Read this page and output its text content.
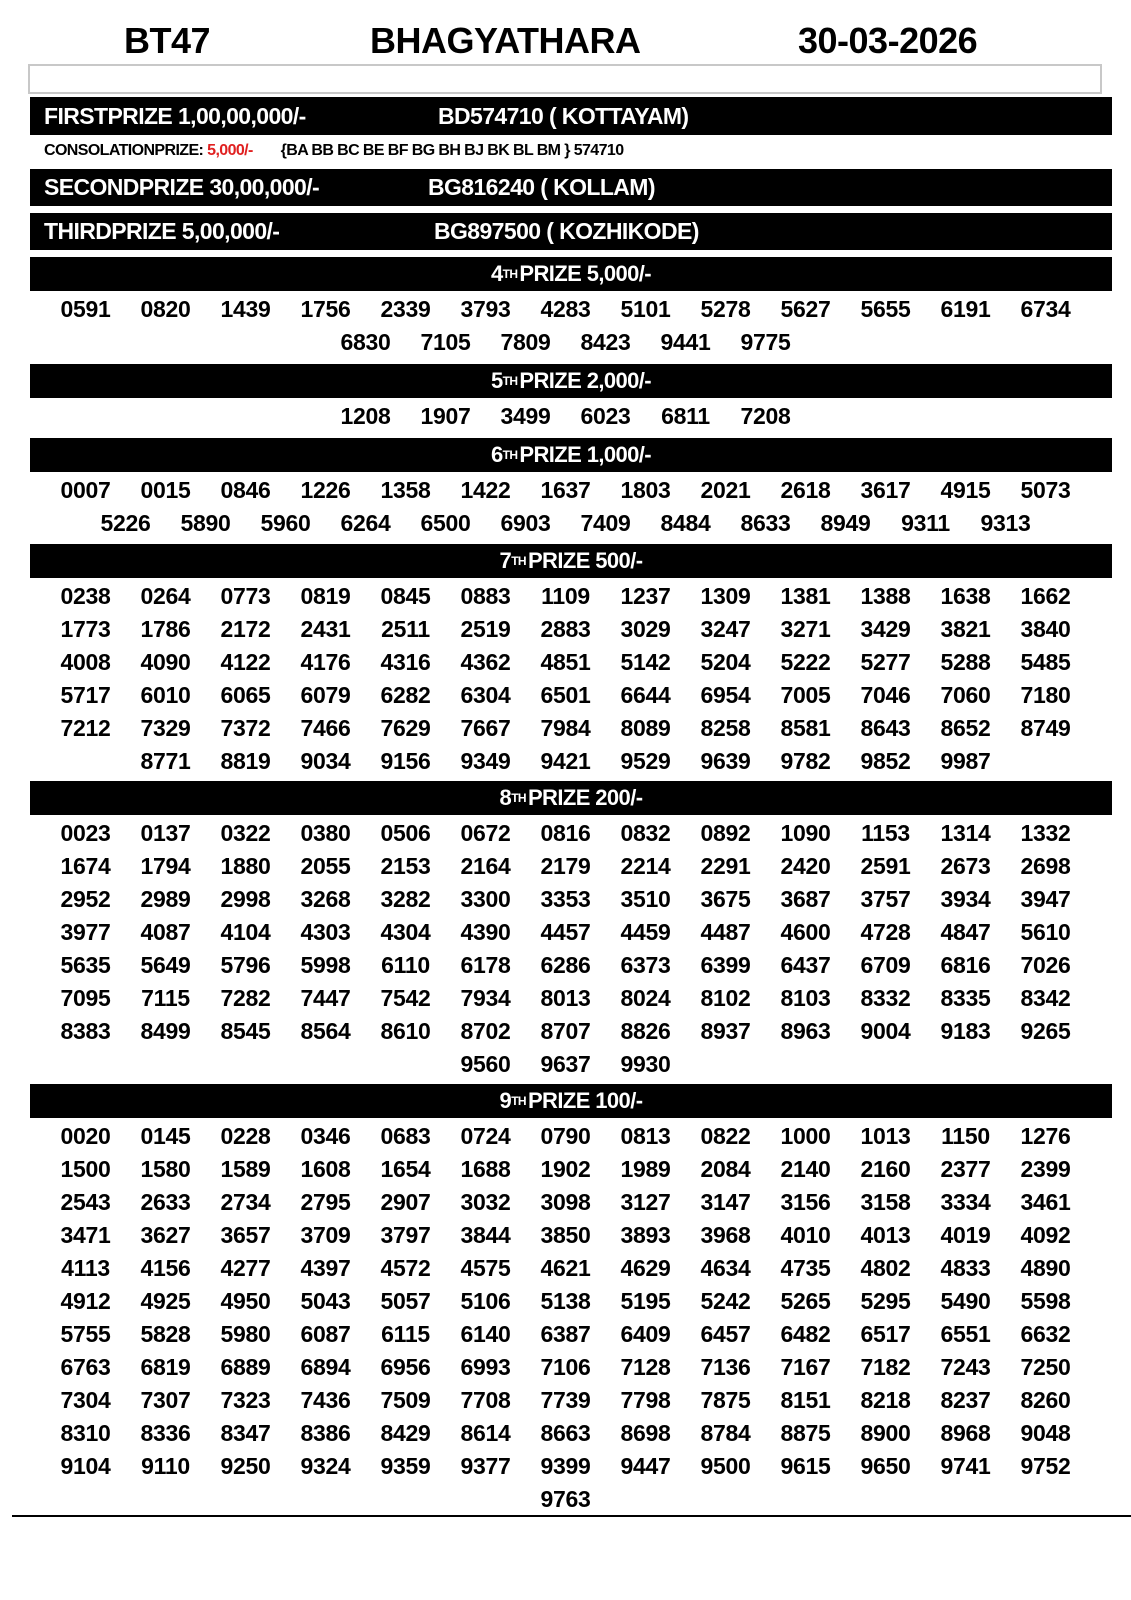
BT47	BHAGYATHARA	30-03-2026
FIRSTPRIZE 1,00,00,000/-	BD574710 ( KOTTAYAM)
CONSOLATIONPRIZE: 5,000/- {BA BB BC BE BF BG BH BJ BK BL BM } 574710
SECONDPRIZE 30,00,000/-	BG816240 ( KOLLAM)
THIRDPRIZE 5,00,000/-	BG897500 ( KOZHIKODE)
4 TH PRIZE 5,000/-
0591	0820	1439	1756	2339	3793	4283	5101	5278	5627	5655	6191	6734
6830	7105	7809	8423	9441	9775
5 TH PRIZE 2,000/-
1208	1907	3499	6023	6811	7208
6 TH PRIZE 1,000/-
0007	0015	0846	1226	1358	1422	1637	1803	2021	2618	3617	4915	5073
5226	5890	5960	6264	6500	6903	7409	8484	8633	8949	9311	9313
7 TH PRIZE 500/-
0238	0264	0773	0819	0845	0883	1109	1237	1309	1381	1388	1638	1662
1773	1786	2172	2431	2511	2519	2883	3029	3247	3271	3429	3821	3840
4008	4090	4122	4176	4316	4362	4851	5142	5204	5222	5277	5288	5485
5717	6010	6065	6079	6282	6304	6501	6644	6954	7005	7046	7060	7180
7212	7329	7372	7466	7629	7667	7984	8089	8258	8581	8643	8652	8749
8771	8819	9034	9156	9349	9421	9529	9639	9782	9852	9987
8 TH PRIZE 200/-
0023	0137	0322	0380	0506	0672	0816	0832	0892	1090	1153	1314	1332
1674	1794	1880	2055	2153	2164	2179	2214	2291	2420	2591	2673	2698
2952	2989	2998	3268	3282	3300	3353	3510	3675	3687	3757	3934	3947
3977	4087	4104	4303	4304	4390	4457	4459	4487	4600	4728	4847	5610
5635	5649	5796	5998	6110	6178	6286	6373	6399	6437	6709	6816	7026
7095	7115	7282	7447	7542	7934	8013	8024	8102	8103	8332	8335	8342
8383	8499	8545	8564	8610	8702	8707	8826	8937	8963	9004	9183	9265
9560	9637	9930
9 TH PRIZE 100/-
0020	0145	0228	0346	0683	0724	0790	0813	0822	1000	1013	1150	1276
1500	1580	1589	1608	1654	1688	1902	1989	2084	2140	2160	2377	2399
2543	2633	2734	2795	2907	3032	3098	3127	3147	3156	3158	3334	3461
3471	3627	3657	3709	3797	3844	3850	3893	3968	4010	4013	4019	4092
4113	4156	4277	4397	4572	4575	4621	4629	4634	4735	4802	4833	4890
4912	4925	4950	5043	5057	5106	5138	5195	5242	5265	5295	5490	5598
5755	5828	5980	6087	6115	6140	6387	6409	6457	6482	6517	6551	6632
6763	6819	6889	6894	6956	6993	7106	7128	7136	7167	7182	7243	7250
7304	7307	7323	7436	7509	7708	7739	7798	7875	8151	8218	8237	8260
8310	8336	8347	8386	8429	8614	8663	8698	8784	8875	8900	8968	9048
9104	9110	9250	9324	9359	9377	9399	9447	9500	9615	9650	9741	9752
9763
